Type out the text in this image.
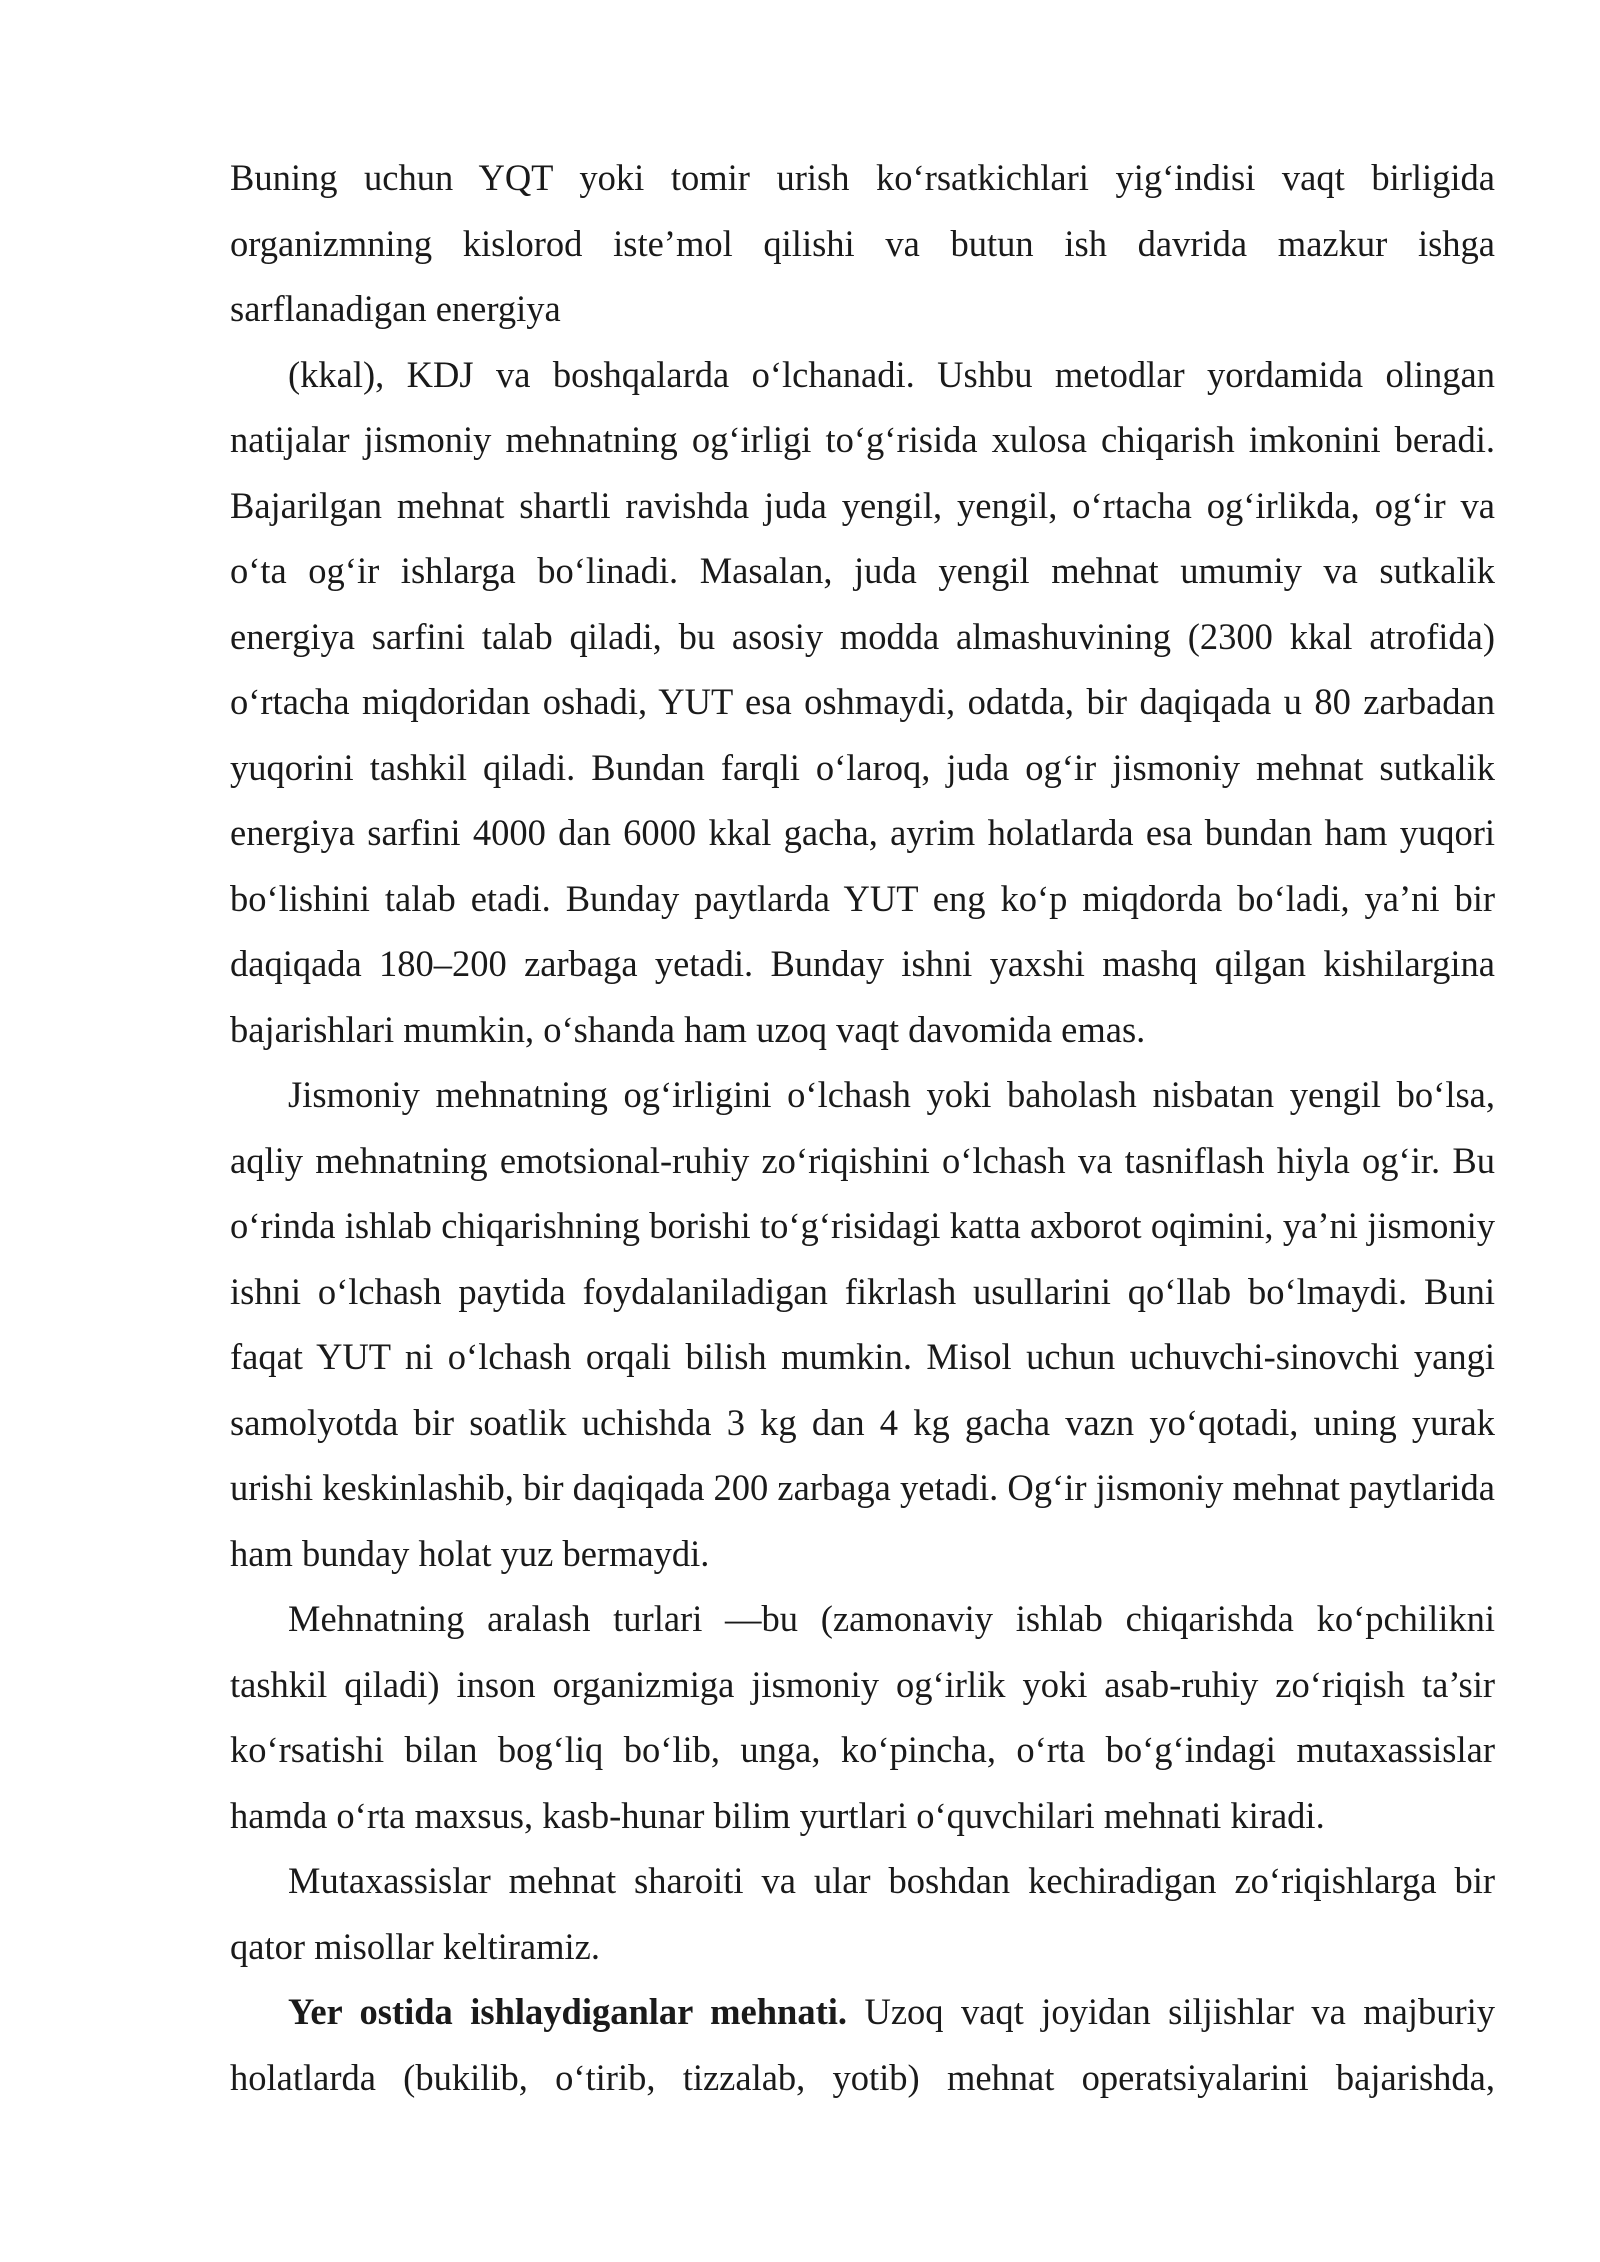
Buning uchun YQT yoki tomir urish ko‘rsatkichlari yig‘indisi vaqt birligida organizmning kislorod iste’mol qilishi va butun ish davrida mazkur ishga sarflanadigan energiya

(kkal), KDJ va boshqalarda o‘lchanadi. Ushbu metodlar yordamida olingan natijalar jismoniy mehnatning og‘irligi to‘g‘risida xulosa chiqarish imkonini beradi. Bajarilgan mehnat shartli ravishda juda yengil, yengil, o‘rtacha og‘irlikda, og‘ir va o‘ta og‘ir ishlarga bo‘linadi. Masalan, juda yengil mehnat umumiy va sutkalik energiya sarfini talab qiladi, bu asosiy modda almashuvining (2300 kkal atrofida) o‘rtacha miqdoridan oshadi, YUT esa oshmaydi, odatda, bir daqiqada u 80 zarbadan yuqorini tashkil qiladi. Bundan farqli o‘laroq, juda og‘ir jismoniy mehnat sutkalik energiya sarfini 4000 dan 6000 kkal gacha, ayrim holatlarda esa bundan ham yuqori bo‘lishini talab etadi. Bunday paytlarda YUT eng ko‘p miqdorda bo‘ladi, ya’ni bir daqiqada 180–200 zarbaga yetadi. Bunday ishni yaxshi mashq qilgan kishilargina bajarishlari mumkin, o‘shanda ham uzoq vaqt davomida emas.

Jismoniy mehnatning og‘irligini o‘lchash yoki baholash nisbatan yengil bo‘lsa, aqliy mehnatning emotsional-ruhiy zo‘riqishini o‘lchash va tasniflash hiyla og‘ir. Bu o‘rinda ishlab chiqarishning borishi to‘g‘risidagi katta axborot oqimini, ya’ni jismoniy ishni o‘lchash paytida foydalaniladigan fikrlash usullarini qo‘llab bo‘lmaydi. Buni faqat YUT ni o‘lchash orqali bilish mumkin. Misol uchun uchuvchi-sinovchi yangi samolyotda bir soatlik uchishda 3 kg dan 4 kg gacha vazn yo‘qotadi, uning yurak urishi keskinlashib, bir daqiqada 200 zarbaga yetadi. Og‘ir jismoniy mehnat paytlarida ham bunday holat yuz bermaydi.

Mehnatning aralash turlari —bu (zamonaviy ishlab chiqarishda ko‘pchilikni tashkil qiladi) inson organizmiga jismoniy og‘irlik yoki asab-ruhiy zo‘riqish ta’sir ko‘rsatishi bilan bog‘liq bo‘lib, unga, ko‘pincha, o‘rta bo‘g‘indagi mutaxassislar hamda o‘rta maxsus, kasb-hunar bilim yurtlari o‘quvchilari mehnati kiradi.

Mutaxassislar mehnat sharoiti va ular boshdan kechiradigan zo‘riqishlarga bir qator misollar keltiramiz.

Yer ostida ishlaydiganlar mehnati. Uzoq vaqt joyidan siljishlar va majburiy holatlarda (bukilib, o‘tirib, tizzalab, yotib) mehnat operatsiyalarini bajarishda,
